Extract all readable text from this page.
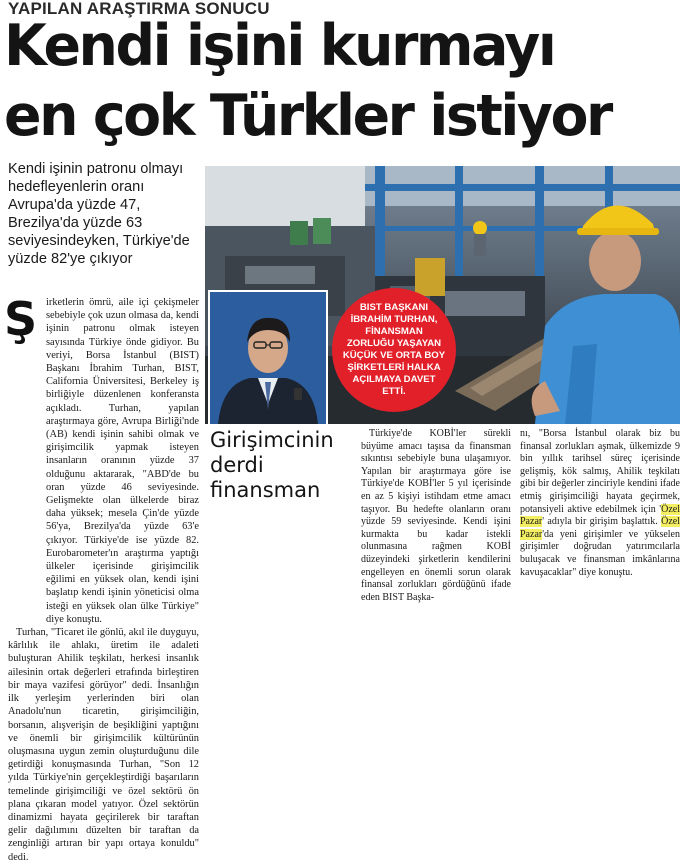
YAPILAN ARAŞTIRMA SONUCU
Kendi işini kurmayı
en çok Türkler istiyor
Kendi işinin patronu olmayı hedefleyenlerin oranı Avrupa'da yüzde 47, Brezilya'da yüzde 63 seviyesindeyken, Türkiye'de yüzde 82'ye çıkıyor
BIST BAŞKANI İBRAHİM TURHAN, FİNANSMAN ZORLUĞU YAŞAYAN KÜÇÜK VE ORTA BOY ŞİRKETLERİ HALKA AÇILMAYA DAVET ETTİ.
Ş irketlerin ömrü, aile içi çekişmeler sebebiyle çok uzun olmasa da, kendi işinin patronu olmak isteyen sayısında Türkiye önde gidiyor. Bu veriyi, Borsa İstanbul (BIST) Başkanı İbrahim Turhan, BIST, California Üniversitesi, Berkeley iş birliğiyle düzenlenen konferansta açıkladı. Turhan, yapılan araştırmaya göre, Avrupa Birliği'nde (AB) kendi işinin sahibi olmak ve girişimcilik yapmak isteyen insanların oranının yüzde 37 olduğunu aktararak, "ABD'de bu oran yüzde 46 seviyesinde. Gelişmekte olan ülkelerde biraz daha yüksek; mesela Çin'de yüzde 56'ya, Brezilya'da yüzde 63'e çıkıyor. Türkiye'de ise yüzde 82. Eurobarometer'ın araştırma yaptığı ülkeler içerisinde girişimcilik eğilimi en yüksek olan, kendi işini başlatıp kendi işinin yöneticisi olma isteği en yüksek olan ülke Türkiye" diye konuştu.

Turhan, "Ticaret ile gönlü, akıl ile duyguyu, kârlılık ile ahlakı, üretim ile adaleti buluşturan Ahilik teşkilatı, herkesi insanlık ailesinin ortak değerleri etrafında birleştiren bir maya vazifesi görüyor" dedi. İnsanlığın ilk yerleşim yerlerinden biri olan Anadolu'nun ticaretin, girişimciliğin, borsanın, alışverişin de beşikliğini yaptığını ve önemli bir girişimcilik kültürünün oluşmasına uygun zemin oluşturduğunu dile getirdiği konuşmasında Turhan, "Son 12 yılda Türkiye'nin gerçekleştirdiği başarıların temelinde girişimciliği ve özel sektörü ön plana çıkaran model yatıyor. Özel sektörün dinamizmi hayata geçirilerek bir taraftan gelir dağılımını düzelten bir taraftan da zenginliği artıran bir yapı ortaya konuldu" dedi.

Girişimcinin derdi finansman

Türkiye'de KOBİ'ler sürekli büyüme amacı taşısa da finansman sıkıntısı sebebiyle buna ulaşamıyor. Yapılan bir araştırmaya göre ise Türkiye'de KOBİ'ler 5 yıl içerisinde en az 5 kişiyi istihdam etme amacı taşıyor. Bu hedefte olanların oranı yüzde 59 seviyesinde. Kendi işini kurmakta bu kadar istekli olunmasına rağmen KOBİ düzeyindeki şirketlerin kendilerini engelleyen en önemli sorun olarak finansal zorlukları gördüğünü ifade eden BIST Başka-

nı, "Borsa İstanbul olarak biz bu finansal zorlukları aşmak, ülkemizde 9 bin yıllık tarihsel süreç içerisinde gelişmiş, kök salmış, Ahilik teşkilatı gibi bir değerler zinciriyle kendini ifade etmiş girişimciliği hayata geçirmek, potansiyeli aktive edebilmek için 'Özel Pazar' adıyla bir girişim başlattık. Özel Pazar'da yeni girişimler ve yükselen girişimler doğrudan yatırımcılarla buluşacak ve finansman imkânlarına kavuşacaklar" diye konuştu.
